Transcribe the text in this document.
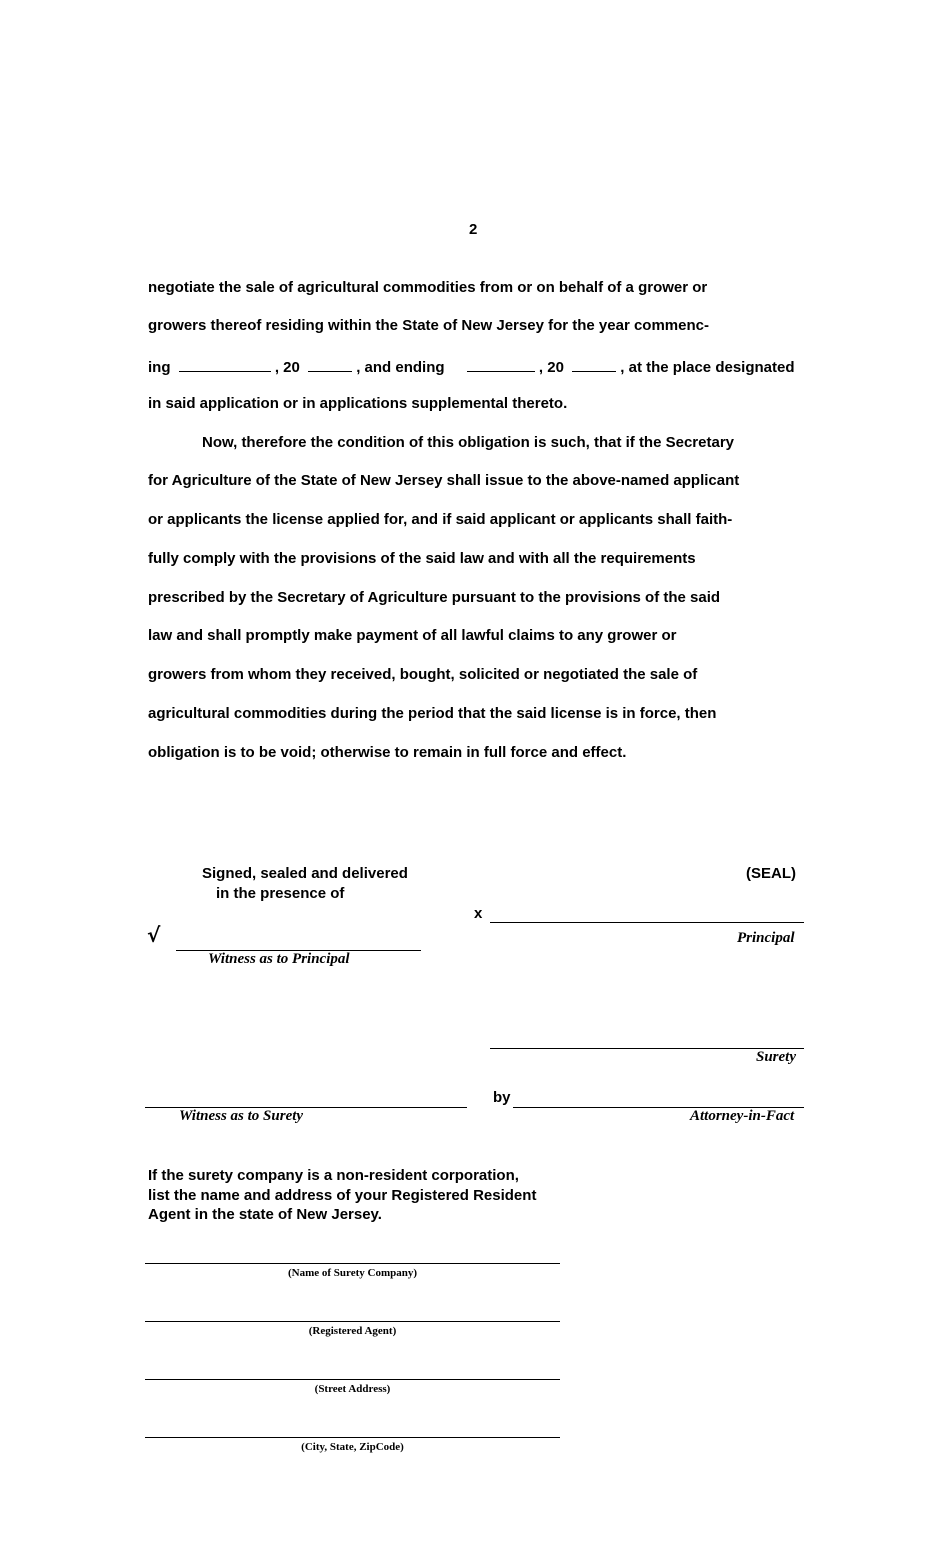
2
negotiate the sale of agricultural commodities from or on behalf of a grower or
growers thereof residing within the State of New Jersey for the year commenc-
ing	, 20	, and ending	, 20	, at the place designated
in said application or in applications supplemental thereto.
Now, therefore the condition of this obligation is such, that if the Secretary
for Agriculture of the State of New Jersey shall issue to the above-named applicant
or applicants the license applied for, and if said applicant or applicants shall faith-
fully comply with the provisions of the said law and with all the requirements
prescribed by the Secretary of Agriculture pursuant to the provisions of the said
law and shall promptly make payment of all lawful claims to any grower or
growers from whom they received, bought, solicited or negotiated the sale of
agricultural commodities during the period that the said license is in force, then
obligation is to be void; otherwise to remain in full force and effect.
Signed, sealed and delivered
in the presence of
(SEAL)
x
Principal
√
Witness as to Principal
Surety
by
Witness as to Surety	Attorney-in-Fact
If the surety company is a non-resident corporation,
list the name and address of your Registered Resident
Agent in the state of New Jersey.
(Name of Surety Company)
(Registered Agent)
(Street Address)
(City, State, ZipCode)
